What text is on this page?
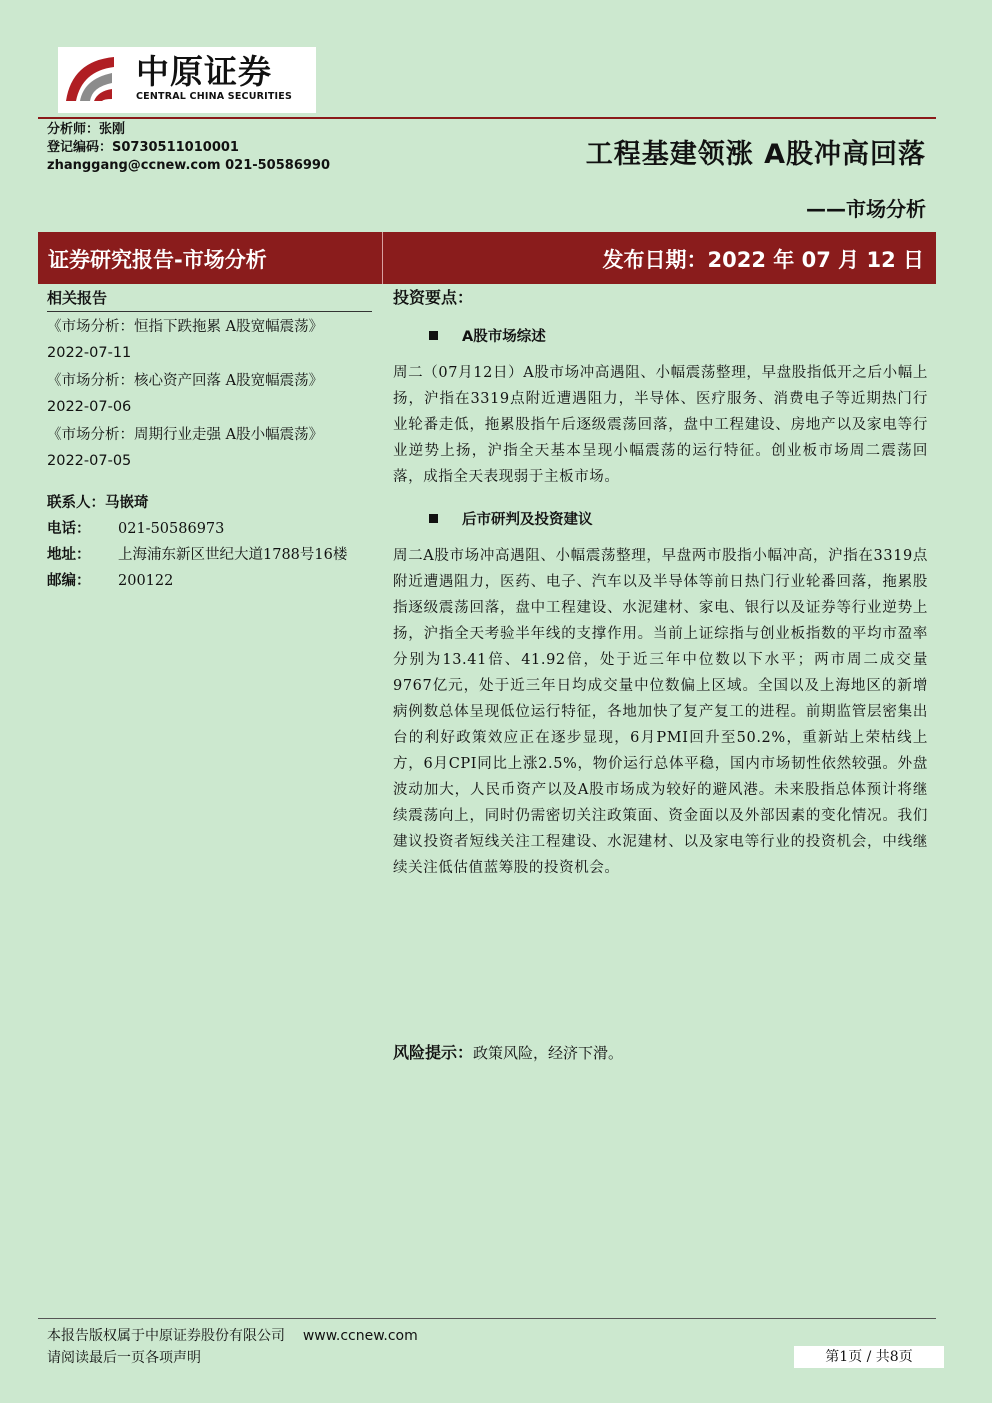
中原证券
CENTRAL CHINA SECURITIES
分析师：张刚
登记编码：S0730511010001
zhanggang@ccnew.com 021-50586990	工程基建领涨 A股冲高回落
——市场分析
证券研究报告-市场分析	发布日期：2022 年 07 月 12 日
相关报告
《市场分析：恒指下跌拖累 A股宽幅震荡》
2022-07-11
《市场分析：核心资产回落 A股宽幅震荡》
2022-07-06
《市场分析：周期行业走强 A股小幅震荡》
2022-07-05
联系人：马嵌琦
电话：	021-50586973
地址：	上海浦东新区世纪大道1788号16楼
邮编：	200122
投资要点：
A股市场综述
周二（07月12日）A股市场冲高遇阻、小幅震荡整理，早盘股指低开之后小幅上扬，沪指在3319点附近遭遇阻力，半导体、医疗服务、消费电子等近期热门行业轮番走低，拖累股指午后逐级震荡回落，盘中工程建设、房地产以及家电等行业逆势上扬，沪指全天基本呈现小幅震荡的运行特征。创业板市场周二震荡回落，成指全天表现弱于主板市场。
后市研判及投资建议
周二A股市场冲高遇阻、小幅震荡整理，早盘两市股指小幅冲高，沪指在3319点附近遭遇阻力，医药、电子、汽车以及半导体等前日热门行业轮番回落，拖累股指逐级震荡回落，盘中工程建设、水泥建材、家电、银行以及证券等行业逆势上扬，沪指全天考验半年线的支撑作用。当前上证综指与创业板指数的平均市盈率分别为13.41倍、41.92倍，处于近三年中位数以下水平；两市周二成交量9767亿元，处于近三年日均成交量中位数偏上区域。全国以及上海地区的新增病例数总体呈现低位运行特征，各地加快了复产复工的进程。前期监管层密集出台的利好政策效应正在逐步显现，6月PMI回升至50.2%，重新站上荣枯线上方，6月CPI同比上涨2.5%，物价运行总体平稳，国内市场韧性依然较强。外盘波动加大，人民币资产以及A股市场成为较好的避风港。未来股指总体预计将继续震荡向上，同时仍需密切关注政策面、资金面以及外部因素的变化情况。我们建议投资者短线关注工程建设、水泥建材、以及家电等行业的投资机会，中线继续关注低估值蓝筹股的投资机会。
风险提示：政策风险，经济下滑。
本报告版权属于中原证券股份有限公司 www.ccnew.com
请阅读最后一页各项声明	第1页 / 共8页
